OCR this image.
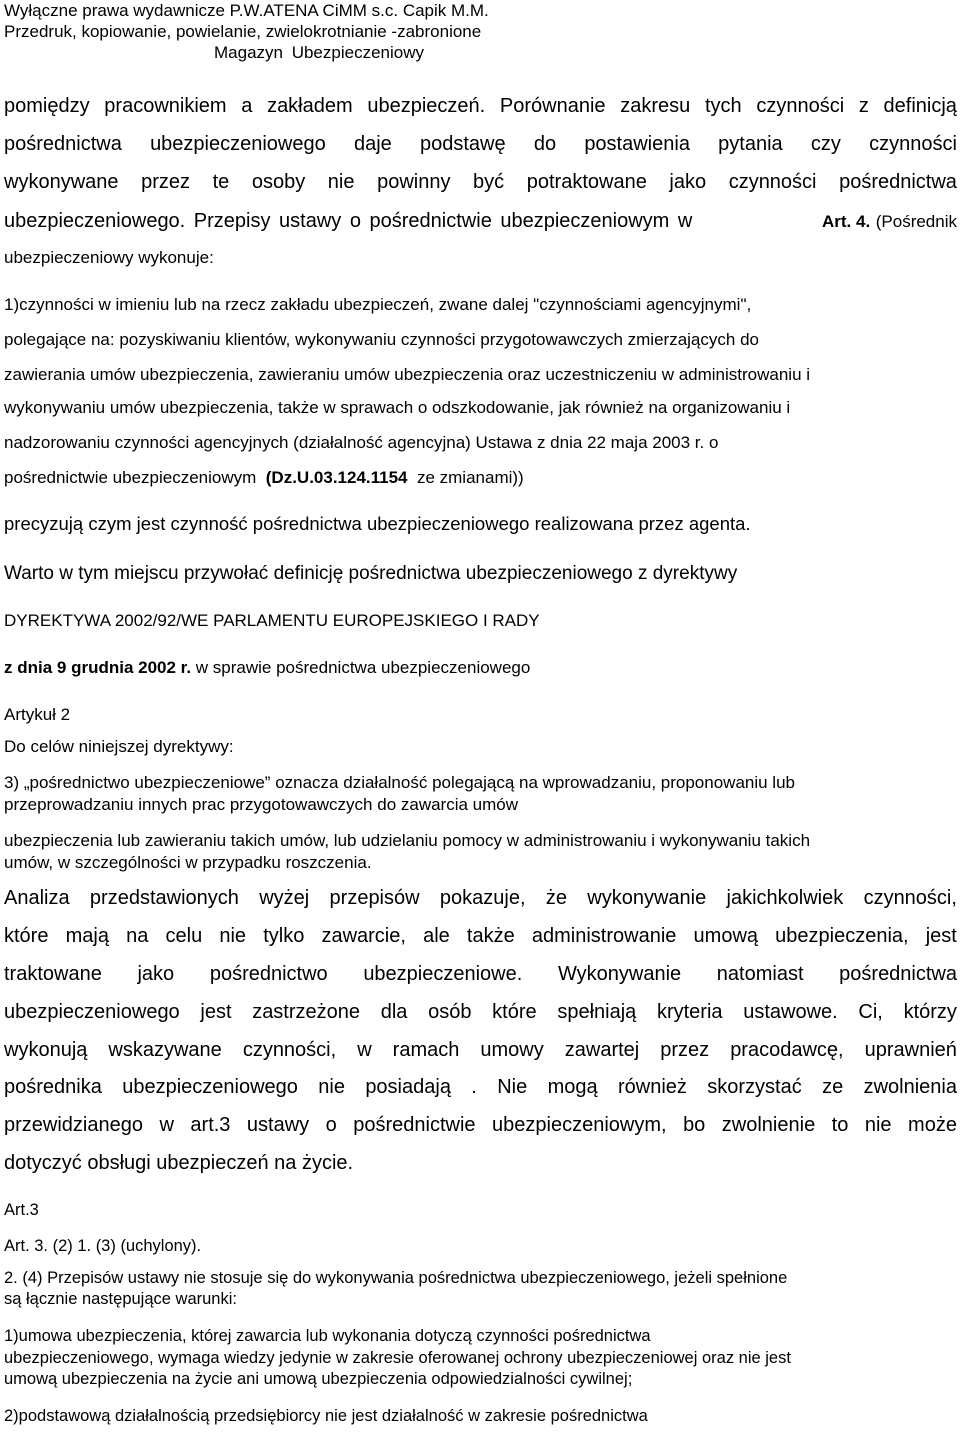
Wyłączne prawa wydawnicze P.W.ATENA CiMM s.c. Capik M.M.
Przedruk, kopiowanie, powielanie, zwielokrotnianie -zabronione
Magazyn Ubezpieczeniowy
pomiędzy pracownikiem a zakładem ubezpieczeń. Porównanie zakresu tych czynności z definicją
pośrednictwa ubezpieczeniowego daje podstawę do postawienia pytania czy czynności
wykonywane przez te osoby nie powinny być potraktowane jako czynności pośrednictwa
ubezpieczeniowego. Przepisy ustawy o pośrednictwie ubezpieczeniowym w	Art. 4. (Pośrednik
ubezpieczeniowy wykonuje:
1)czynności w imieniu lub na rzecz zakładu ubezpieczeń, zwane dalej "czynnościami agencyjnymi",
polegające na: pozyskiwaniu klientów, wykonywaniu czynności przygotowawczych zmierzających do
zawierania umów ubezpieczenia, zawieraniu umów ubezpieczenia oraz uczestniczeniu w administrowaniu i
wykonywaniu umów ubezpieczenia, także w sprawach o odszkodowanie, jak również na organizowaniu i
nadzorowaniu czynności agencyjnych (działalność agencyjna) Ustawa z dnia 22 maja 2003 r. o
pośrednictwie ubezpieczeniowym (Dz.U.03.124.1154 ze zmianami))
precyzują czym jest czynność pośrednictwa ubezpieczeniowego realizowana przez agenta.
Warto w tym miejscu przywołać definicję pośrednictwa ubezpieczeniowego z dyrektywy
DYREKTYWA 2002/92/WE PARLAMENTU EUROPEJSKIEGO I RADY
z dnia 9 grudnia 2002 r. w sprawie pośrednictwa ubezpieczeniowego
Artykuł 2
Do celów niniejszej dyrektywy:
3) „pośrednictwo ubezpieczeniowe” oznacza działalność polegającą na wprowadzaniu, proponowaniu lub
przeprowadzaniu innych prac przygotowawczych do zawarcia umów
ubezpieczenia lub zawieraniu takich umów, lub udzielaniu pomocy w administrowaniu i wykonywaniu takich
umów, w szczególności w przypadku roszczenia.
Analiza przedstawionych wyżej przepisów pokazuje, że wykonywanie jakichkolwiek czynności,
które mają na celu nie tylko zawarcie, ale także administrowanie umową ubezpieczenia, jest
traktowane jako pośrednictwo ubezpieczeniowe. Wykonywanie natomiast pośrednictwa
ubezpieczeniowego jest zastrzeżone dla osób które spełniają kryteria ustawowe. Ci, którzy
wykonują wskazywane czynności, w ramach umowy zawartej przez pracodawcę, uprawnień
pośrednika ubezpieczeniowego nie posiadają . Nie mogą również skorzystać ze zwolnienia
przewidzianego w art.3 ustawy o pośrednictwie ubezpieczeniowym, bo zwolnienie to nie może
dotyczyć obsługi ubezpieczeń na życie.
Art.3
Art. 3. (2) 1. (3) (uchylony).
2. (4) Przepisów ustawy nie stosuje się do wykonywania pośrednictwa ubezpieczeniowego, jeżeli spełnione
są łącznie następujące warunki:
1)umowa ubezpieczenia, której zawarcia lub wykonania dotyczą czynności pośrednictwa
ubezpieczeniowego, wymaga wiedzy jedynie w zakresie oferowanej ochrony ubezpieczeniowej oraz nie jest
umową ubezpieczenia na życie ani umową ubezpieczenia odpowiedzialności cywilnej;
2)podstawową działalnością przedsiębiorcy nie jest działalność w zakresie pośrednictwa
